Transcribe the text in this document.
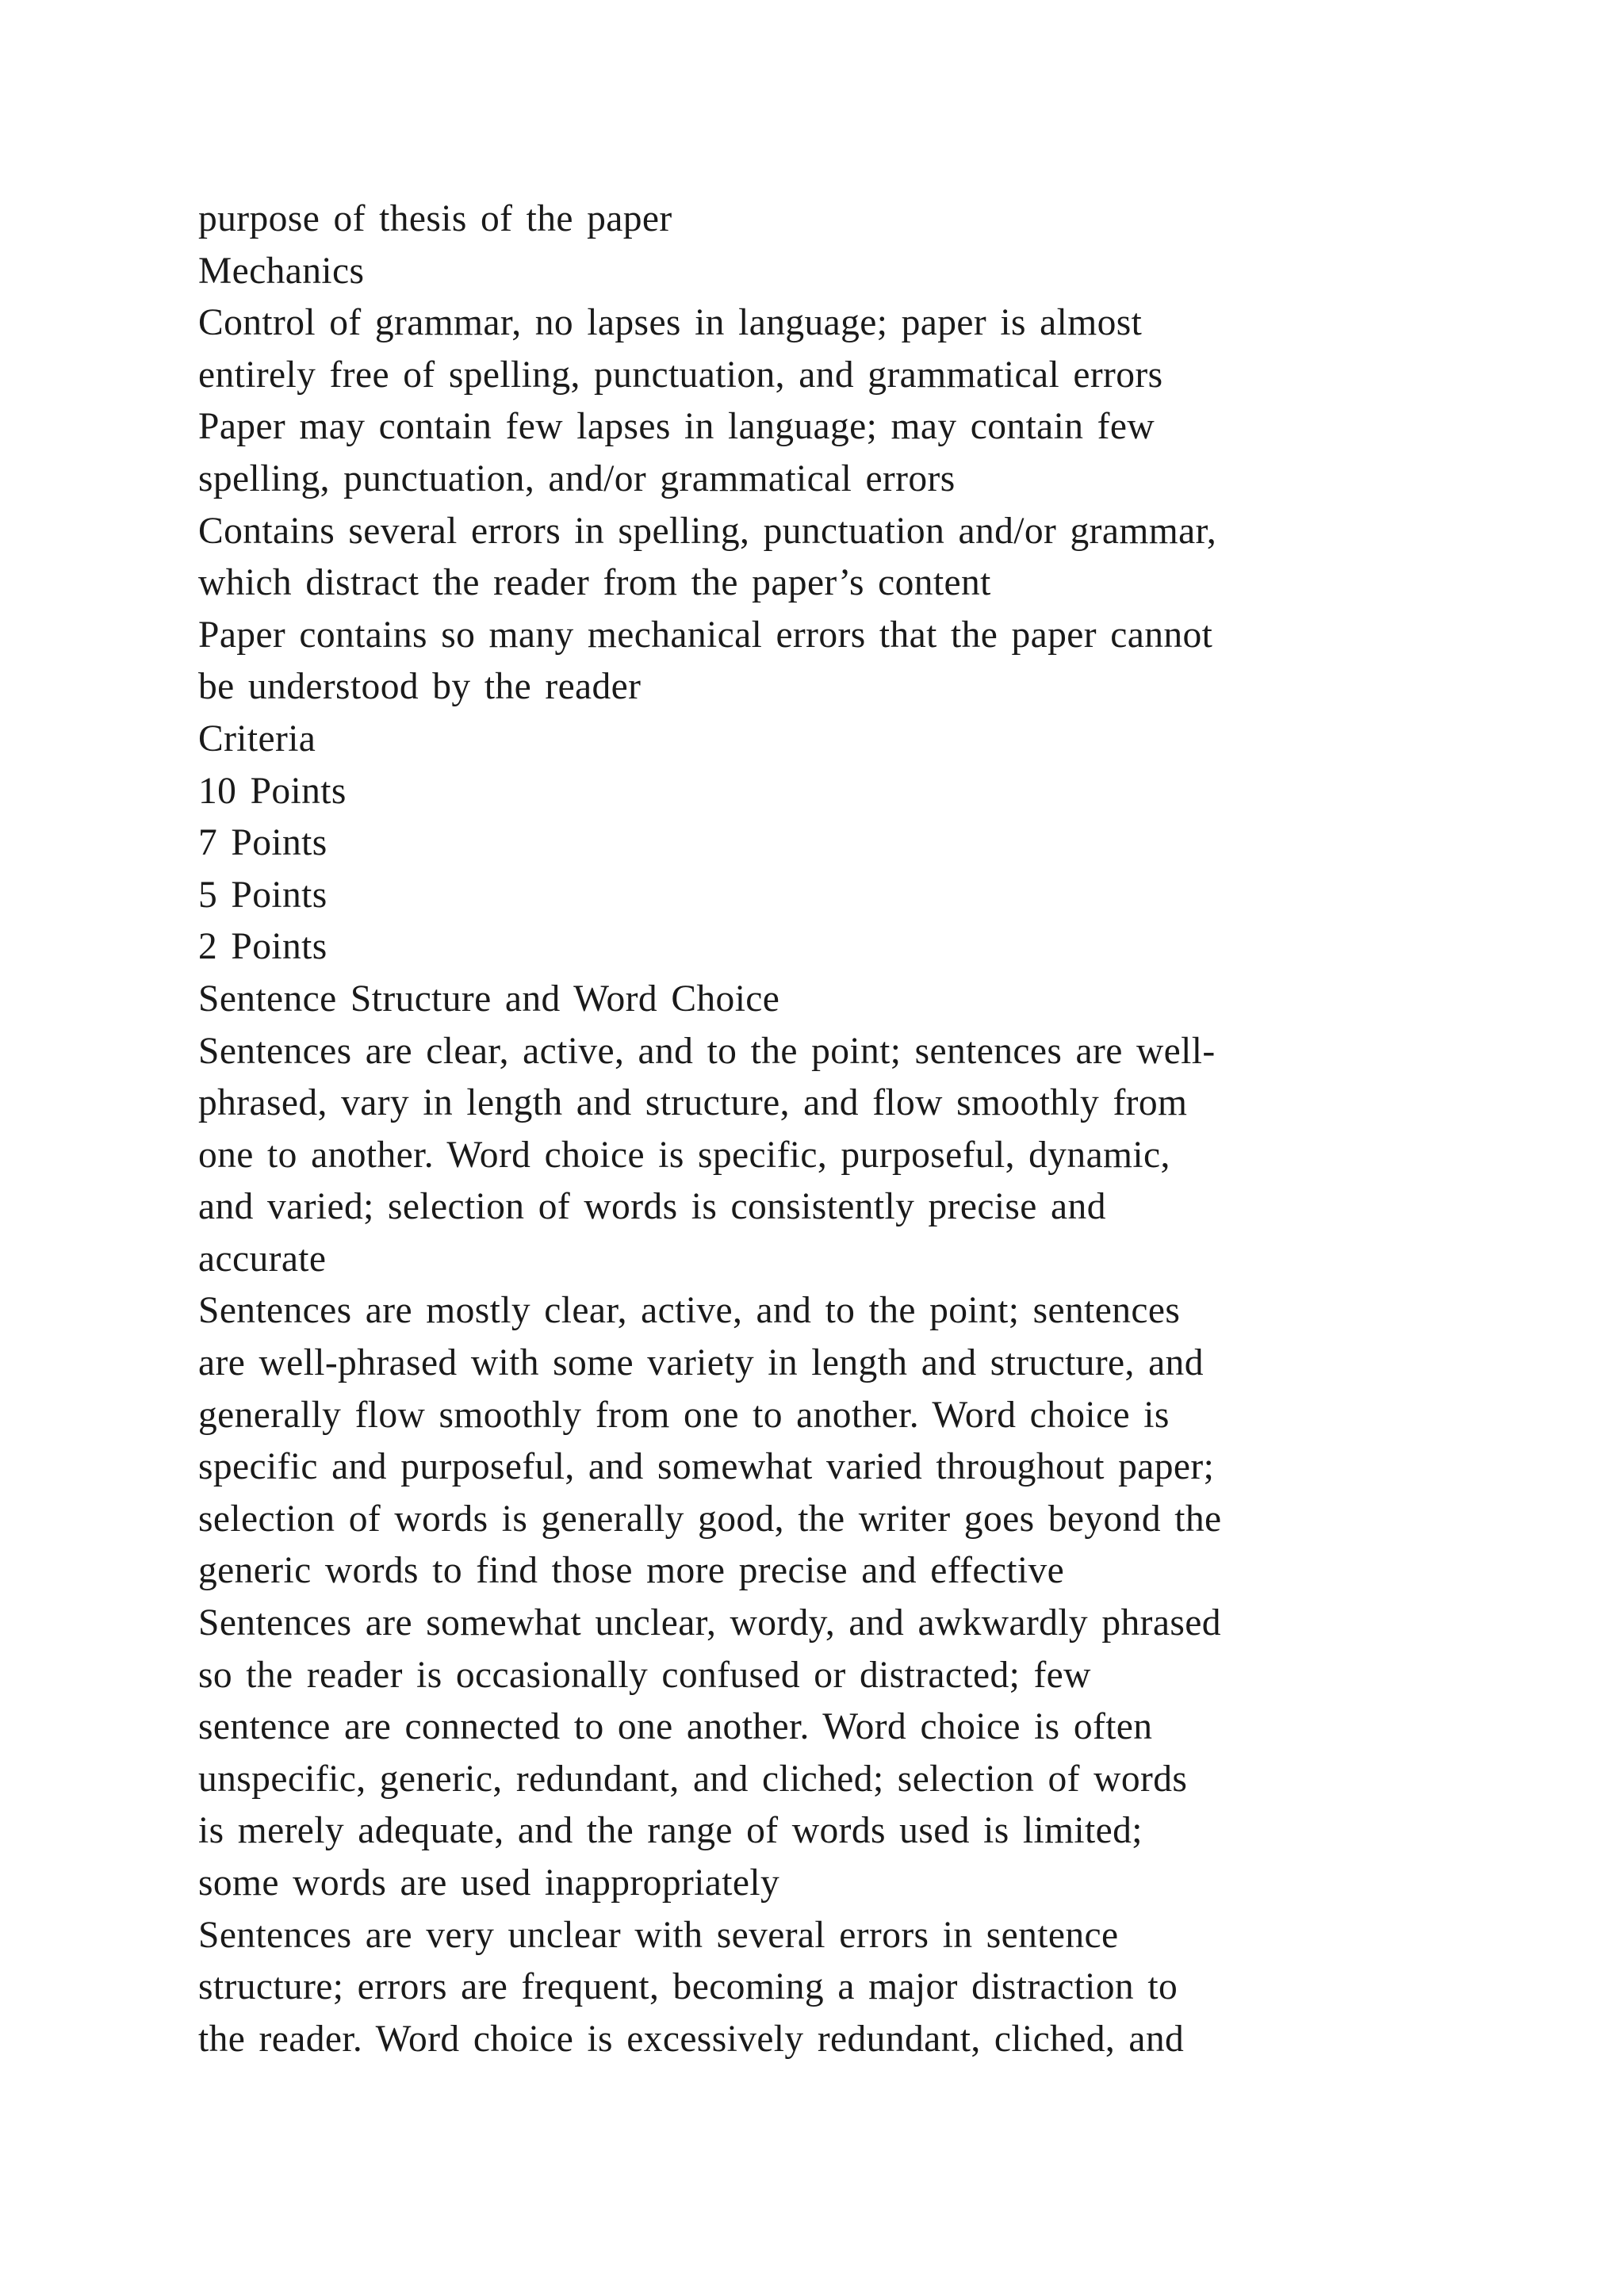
purpose of thesis of the paper
Mechanics
Control of grammar, no lapses in language; paper is almost
entirely free of spelling, punctuation, and grammatical errors
Paper may contain few lapses in language; may contain few
spelling, punctuation, and/or grammatical errors
Contains several errors in spelling, punctuation and/or grammar,
which distract the reader from the paper’s content
Paper contains so many mechanical errors that the paper cannot
be understood by the reader
Criteria
10 Points
7 Points
5 Points
2 Points
Sentence Structure and Word Choice
Sentences are clear, active, and to the point; sentences are well-
phrased, vary in length and structure, and flow smoothly from
one to another. Word choice is specific, purposeful, dynamic,
and varied; selection of words is consistently precise and
accurate
Sentences are mostly clear, active, and to the point; sentences
are well-phrased with some variety in length and structure, and
generally flow smoothly from one to another. Word choice is
specific and purposeful, and somewhat varied throughout paper;
selection of words is generally good, the writer goes beyond the
generic words to find those more precise and effective
Sentences are somewhat unclear, wordy, and awkwardly phrased
so the reader is occasionally confused or distracted; few
sentence are connected to one another. Word choice is often
unspecific, generic, redundant, and cliched; selection of words
is merely adequate, and the range of words used is limited;
some words are used inappropriately
Sentences are very unclear with several errors in sentence
structure; errors are frequent, becoming a major distraction to
the reader. Word choice is excessively redundant, cliched, and
